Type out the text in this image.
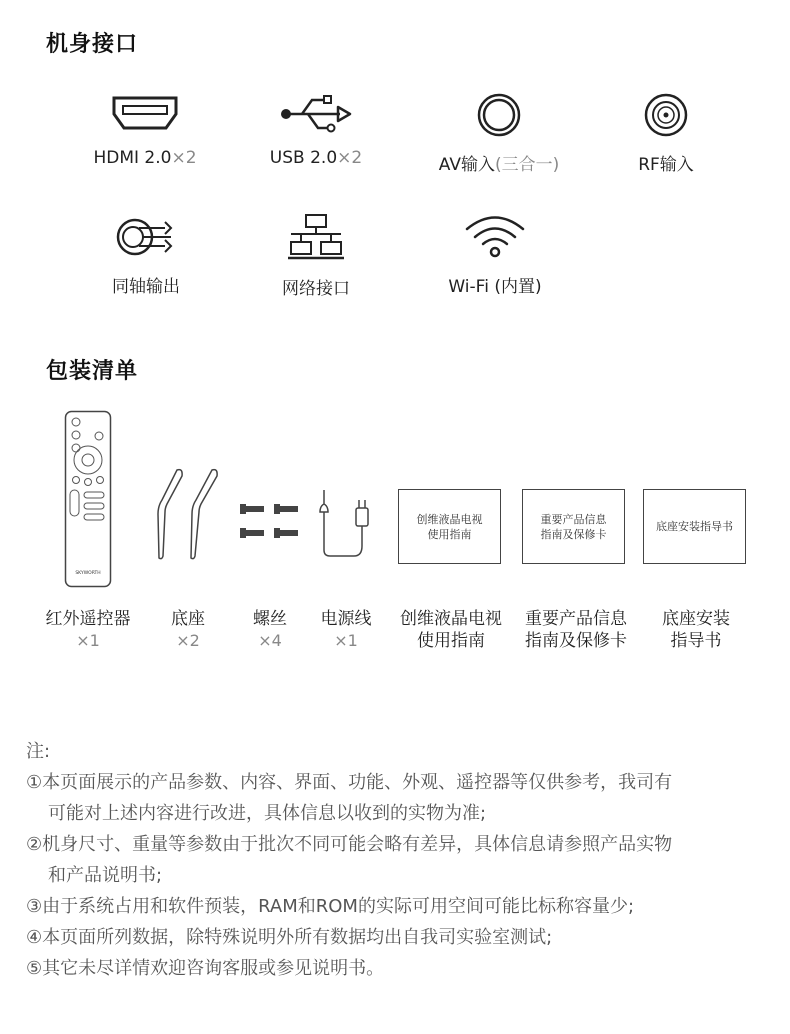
机身接口
HDMI 2.0×2	USB 2.0×2	AV输入(三合一)	RF输入
同轴输出	网络接口	Wi-Fi (内置)
包装清单
SKYWORTH
创维液晶电视
使用指南
重要产品信息
指南及保修卡
底座安装指导书
红外遥控器
×1
底座
×2
螺丝
×4
电源线
×1
创维液晶电视
使用指南
重要产品信息
指南及保修卡
底座安装
指导书
注:
①本页面展示的产品参数、内容、界面、功能、外观、遥控器等仅供参考，我司有
可能对上述内容进行改进，具体信息以收到的实物为准;
②机身尺寸、重量等参数由于批次不同可能会略有差异，具体信息请参照产品实物
和产品说明书;
③由于系统占用和软件预装，RAM和ROM的实际可用空间可能比标称容量少;
④本页面所列数据，除特殊说明外所有数据均出自我司实验室测试;
⑤其它未尽详情欢迎咨询客服或参见说明书。
